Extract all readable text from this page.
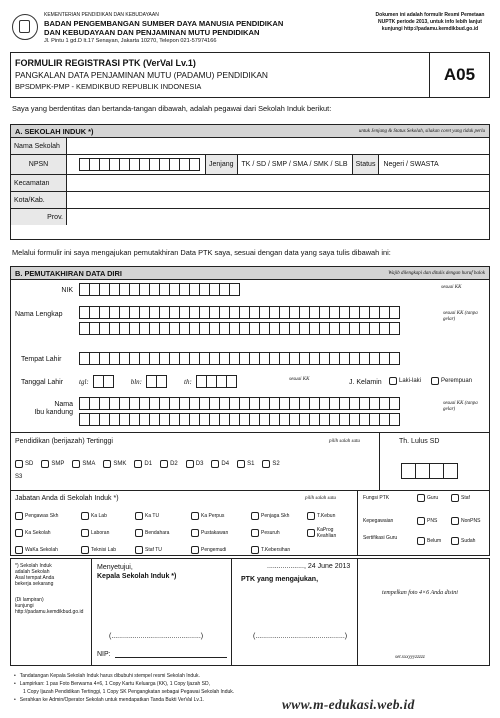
KEMENTERIAN PENDIDIKAN DAN KEBUDAYAAN
BADAN PENGEMBANGAN SUMBER DAYA MANUSIA PENDIDIKAN
DAN KEBUDAYAAN DAN PENJAMINAN MUTU PENDIDIKAN
Jl. Pintu 1 gd.D lt.17 Senayan, Jakarta 10270, Telepon 021-57974166
Dokumen ini adalah formulir Resmi Pemetaan NUPTK periode 2013, untuk info lebih lanjut kunjungi http://padamu.kemdikbud.go.id
FORMULIR REGISTRASI PTK (VerVal Lv.1)
PANGKALAN DATA PENJAMINAN MUTU (PADAMU) PENDIDIKAN
BPSDMPK-PMP - KEMDIKBUD REPUBLIK INDONESIA
A05
Saya yang berdentitas dan bertanda-tangan dibawah, adalah pegawai dari Sekolah Induk berikut:
A. SEKOLAH INDUK *)	untuk Jenjang & Status Sekolah, silakan coret yang tidak perlu
Nama Sekolah
NPSN	Jenjang	TK / SD / SMP / SMA / SMK / SLB	Status	Negeri / SWASTA
Kecamatan
Kota/Kab.
Prov.
Melalui formulir ini saya mengajukan pemutakhiran Data PTK saya, sesuai dengan data yang saya tulis dibawah ini:
B. PEMUTAKHIRAN DATA DIRI	Wajib dilengkapi dan ditulis dengan huruf balok
NIK	sesuai KK
Nama Lengkap	sesuai KK (tanpa gelar)
Tempat Lahir
Tanggal Lahir tgl:	bln:	th:	sesuai KK	J. Kelamin	Laki-laki	Perempuan
Nama
Ibu kandung
sesuai KK (tanpa gelar)
Pendidikan (berijazah) Tertinggi	pilih salah satu	Th. Lulus SD
SD	SMP	SMA	SMK	D1	D2	D3	D4	S1	S2
S3
Jabatan Anda di Sekolah Induk *)	pilih salah satu
Pengawas Skh	Ka Lab	Ka TU	Ka Perpus	Penjaga Skh	T.Kebun
Ka Sekolah	Laboran	Bendahara	Pustakawan	Pesuruh	KaProg Keahlian
WaKa Sekolah	Teknisi Lab	Staf TU	Pengemudi	T.Kebersihan
Fungsi PTK	Guru	Staf
Kepegawaian	PNS	NonPNS
Sertifikasi Guru	Belum	Sudah
*) Sekolah Induk adalah Sekolah Asal tempat Anda bekerja sekarang
(Di lampiran) kunjungi http://padamu.kemdikbud.go.id
Menyetujui,
Kepala Sekolah Induk *)
(..............................................)
NIP:
..................., 24 June 2013
PTK yang mengajukan,
(..............................................)
tempelkan foto 4×6 Anda disini
ser.xxxyyyzzzzz
• Tandatangan Kepala Sekolah Induk harus dibubuhi stempel resmi Sekolah Induk.
• Lampirkan: 1 pas Foto Berwarna 4×6, 1 Copy Kartu Keluarga (KK), 1 Copy Ijazah SD,
1 Copy Ijazah Pendidikan Tertinggi, 1 Copy SK Pengangkatan sebagai Pegawai Sekolah Induk.
• Serahkan ke Admin/Operator Sekolah untuk mendapatkan Tanda Bukti VerVal Lv.1.	www.m-edukasi.web.id
